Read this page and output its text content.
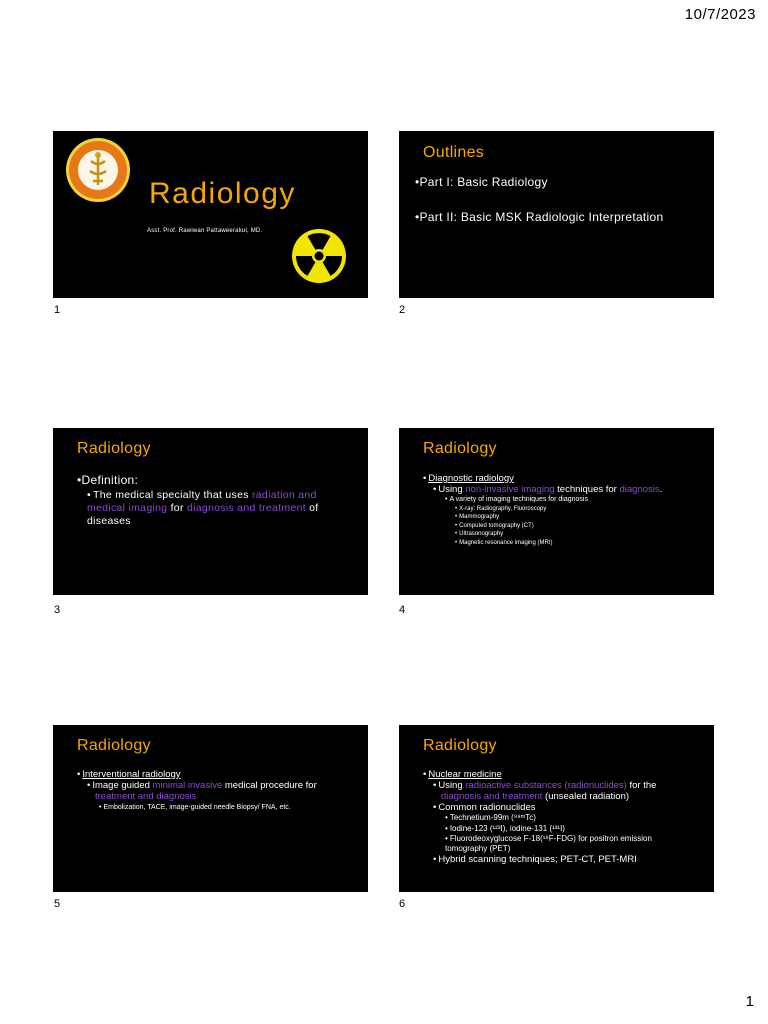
10/7/2023
Radiology
Asst. Prof. Rawiwan Pattaweerakul, MD.
1
Outlines
•Part I: Basic Radiology
•Part II: Basic MSK Radiologic Interpretation
2
Radiology
•Definition:
• The medical specialty that uses radiation and medical imaging for diagnosis and treatment of diseases
3
Radiology
• Diagnostic radiology
• Using non-invasive imaging techniques for diagnosis.
• A variety of imaging techniques for diagnosis
• X-ray: Radiography, Fluoroscopy
• Mammography
• Computed tomography (CT)
• Ultrasonography
• Magnetic resonance imaging (MRI)
4
Radiology
• Interventional radiology
• Image guided minimal invasive medical procedure for
treatment and diagnosis
• Embolization, TACE, image-guided needle Biopsy/ FNA, etc.
5
Radiology
• Nuclear medicine
• Using radioactive substances (radionuclides) for the
diagnosis and treatment (unsealed radiation)
• Common radionuclides
• Technetium-99m (⁹⁹ᵐTc)
• Iodine-123 (¹²³I), iodine-131 (¹³¹I)
• Fluorodeoxyglucose F-18(¹⁸F-FDG) for positron emission tomography (PET)
• Hybrid scanning techniques; PET-CT, PET-MRI
6
1
